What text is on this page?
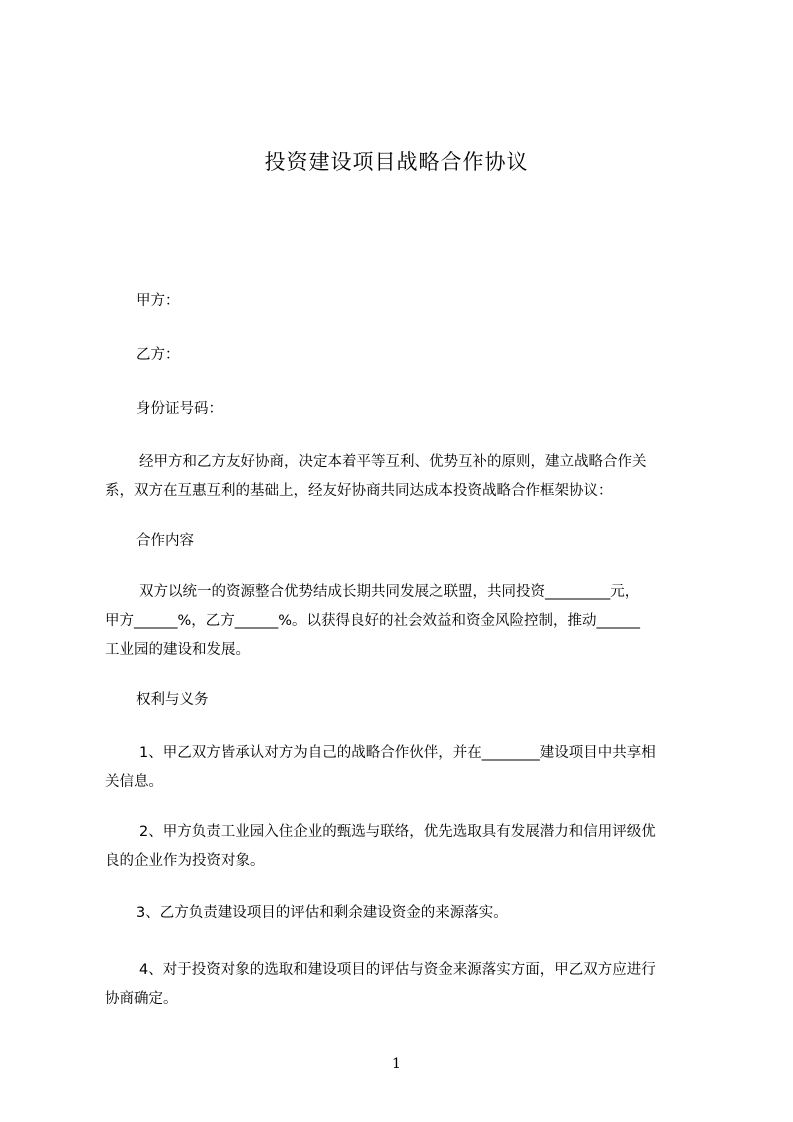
投资建设项目战略合作协议
甲方：
乙方：
身份证号码：
经甲方和乙方友好协商，决定本着平等互利、优势互补的原则，建立战略合作关
系，双方在互惠互利的基础上，经友好协商共同达成本投资战略合作框架协议：
合作内容
双方以统一的资源整合优势结成长期共同发展之联盟，共同投资_________元，
甲方______%，乙方______%。以获得良好的社会效益和资金风险控制，推动______
工业园的建设和发展。
权利与义务
1、甲乙双方皆承认对方为自己的战略合作伙伴，并在________建设项目中共享相
关信息。
2、甲方负责工业园入住企业的甄选与联络，优先选取具有发展潜力和信用评级优
良的企业作为投资对象。
3、乙方负责建设项目的评估和剩余建设资金的来源落实。
4、对于投资对象的选取和建设项目的评估与资金来源落实方面，甲乙双方应进行
协商确定。
1
